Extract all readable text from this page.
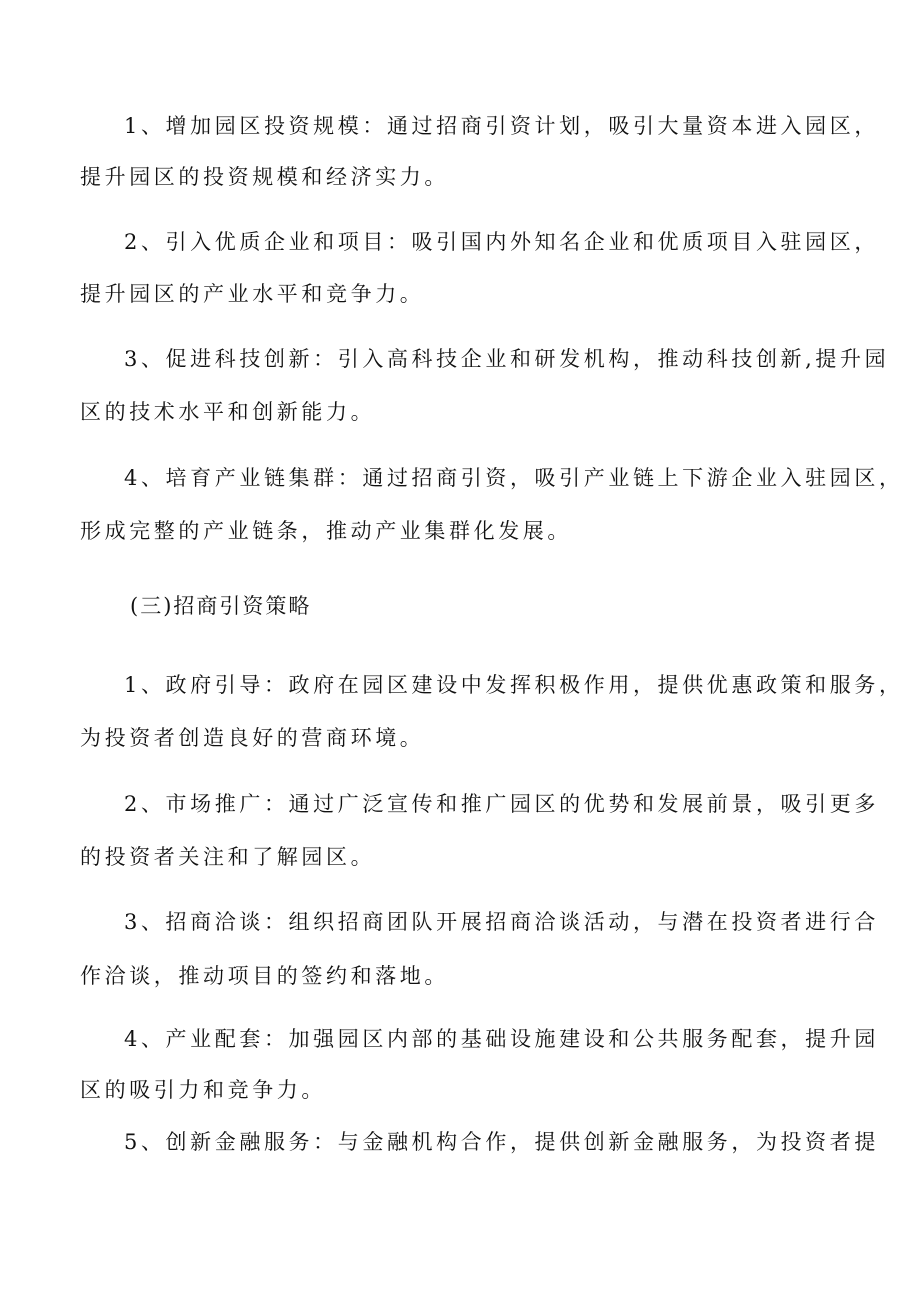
1、增加园区投资规模：通过招商引资计划，吸引大量资本进入园区，
提升园区的投资规模和经济实力。
2、引入优质企业和项目：吸引国内外知名企业和优质项目入驻园区，
提升园区的产业水平和竞争力。
3、促进科技创新：引入高科技企业和研发机构，推动科技创新,提升园
区的技术水平和创新能力。
4、培育产业链集群：通过招商引资，吸引产业链上下游企业入驻园区，
形成完整的产业链条，推动产业集群化发展。
(三)招商引资策略
1、政府引导：政府在园区建设中发挥积极作用，提供优惠政策和服务，
为投资者创造良好的营商环境。
2、市场推广：通过广泛宣传和推广园区的优势和发展前景，吸引更多
的投资者关注和了解园区。
3、招商洽谈：组织招商团队开展招商洽谈活动，与潜在投资者进行合
作洽谈，推动项目的签约和落地。
4、产业配套：加强园区内部的基础设施建设和公共服务配套，提升园
区的吸引力和竞争力。
5、创新金融服务：与金融机构合作，提供创新金融服务，为投资者提
